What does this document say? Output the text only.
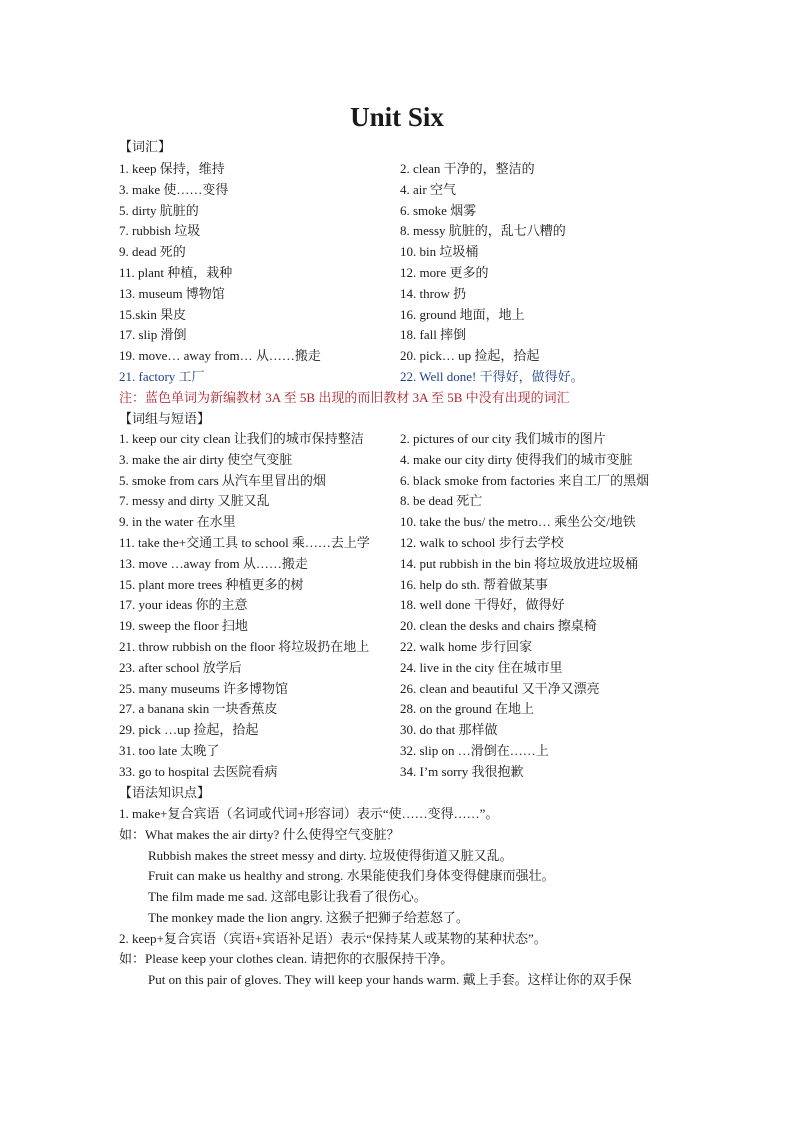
Unit Six
【词汇】
1. keep 保持，维持	2. clean 干净的，整洁的
3. make 使……变得	4. air 空气
5. dirty 肮脏的	6. smoke 烟雾
7. rubbish 垃圾	8. messy 肮脏的，乱七八糟的
9. dead 死的	10. bin 垃圾桶
11. plant 种植，栽种	12. more 更多的
13. museum 博物馆	14. throw 扔
15.skin 果皮	16. ground 地面，地上
17. slip 滑倒	18. fall 摔倒
19. move… away from… 从……搬走	20. pick… up 捡起，拾起
21. factory 工厂	22. Well done! 干得好，做得好。
注：蓝色单词为新编教材 3A 至 5B 出现的而旧教材 3A 至 5B 中没有出现的词汇
【词组与短语】
1. keep our city clean 让我们的城市保持整洁	2. pictures of our city 我们城市的图片
3. make the air dirty 使空气变脏	4. make our city dirty 使得我们的城市变脏
5. smoke from cars 从汽车里冒出的烟	6. black smoke from factories 来自工厂的黑烟
7. messy and dirty 又脏又乱	8. be dead 死亡
9. in the water 在水里	10. take the bus/ the metro… 乘坐公交/地铁
11. take the+交通工具 to school 乘……去上学	12. walk to school 步行去学校
13. move …away from 从……搬走	14. put rubbish in the bin 将垃圾放进垃圾桶
15. plant more trees 种植更多的树	16. help do sth. 帮着做某事
17. your ideas 你的主意	18. well done 干得好，做得好
19. sweep the floor 扫地	20. clean the desks and chairs 擦桌椅
21. throw rubbish on the floor 将垃圾扔在地上	22. walk home 步行回家
23. after school 放学后	24. live in the city 住在城市里
25. many museums 许多博物馆	26. clean and beautiful 又干净又漂亮
27. a banana skin 一块香蕉皮	28. on the ground 在地上
29. pick …up 捡起，拾起	30. do that 那样做
31. too late 太晚了	32. slip on …滑倒在……上
33. go to hospital 去医院看病	34. I’m sorry 我很抱歉
【语法知识点】
1. make+复合宾语（名词或代词+形容词）表示“使……变得……”。
如：What makes the air dirty? 什么使得空气变脏？
Rubbish makes the street messy and dirty. 垃圾使得街道又脏又乱。
Fruit can make us healthy and strong. 水果能使我们身体变得健康而强壮。
The film made me sad. 这部电影让我看了很伤心。
The monkey made the lion angry. 这猴子把狮子给惹怒了。
2. keep+复合宾语（宾语+宾语补足语）表示“保持某人或某物的某种状态”。
如：Please keep your clothes clean. 请把你的衣服保持干净。
Put on this pair of gloves. They will keep your hands warm. 戴上手套。这样让你的双手保
